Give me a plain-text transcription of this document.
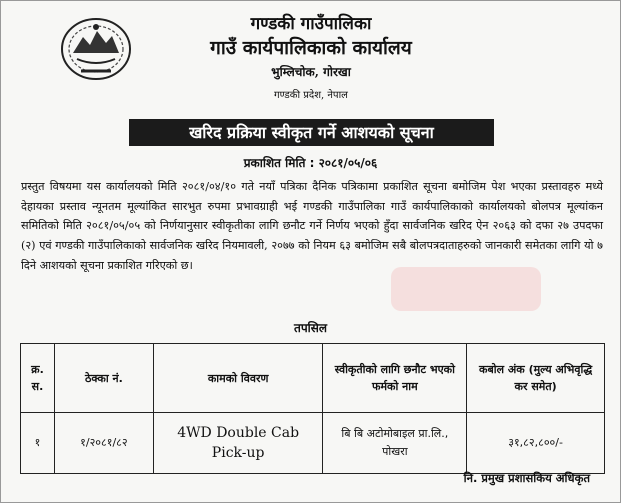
गण्डकी गाउँपालिका
गाउँ कार्यपालिकाको कार्यालय
भुम्लिचोक, गोरखा
गण्डकी प्रदेश, नेपाल
खरिद प्रक्रिया स्वीकृत गर्ने आशयको सूचना
प्रकाशित मिति : २०८१/०५/०६
प्रस्तुत विषयमा यस कार्यालयको मिति २०८१/०४/१० गते नयाँ पत्रिका दैनिक पत्रिकामा प्रकाशित सूचना बमोजिम पेश भएका प्रस्तावहरु मध्ये देहायका प्रस्ताव न्यूनतम मूल्यांकित सारभुत रुपमा प्रभावग्राही भई गण्डकी गाउँपालिका गाउँ कार्यपालिकाको कार्यालयको बोलपत्र मूल्यांकन समितिको मिति २०८१/०५/०५ को निर्णयानुसार स्वीकृतीका लागि छनौट गर्ने निर्णय भएको हुँदा सार्वजनिक खरिद ऐन २०६३ को दफा २७ उपदफा (२) एवं गण्डकी गाउँपालिकाको सार्वजनिक खरिद नियमावली, २०७७ को नियम ६३ बमोजिम सबै बोलपत्रदाताहरुको जानकारी समेतका लागि यो ७ दिने आशयको सूचना प्रकाशित गरिएको छ।
तपसिल
क्र. स.	ठेक्का नं.	कामको विवरण	स्वीकृतीको लागि छनौट भएको फर्मको नाम	कबोल अंक (मुल्य अभिवृद्धि कर समेत)
१	१/२०८१/८२	4WD Double Cab Pick-up	बि बि अटोमोबाइल प्रा.लि., पोखरा	३१,८२,८००/-
नि. प्रमुख प्रशासकिय अधिकृत
